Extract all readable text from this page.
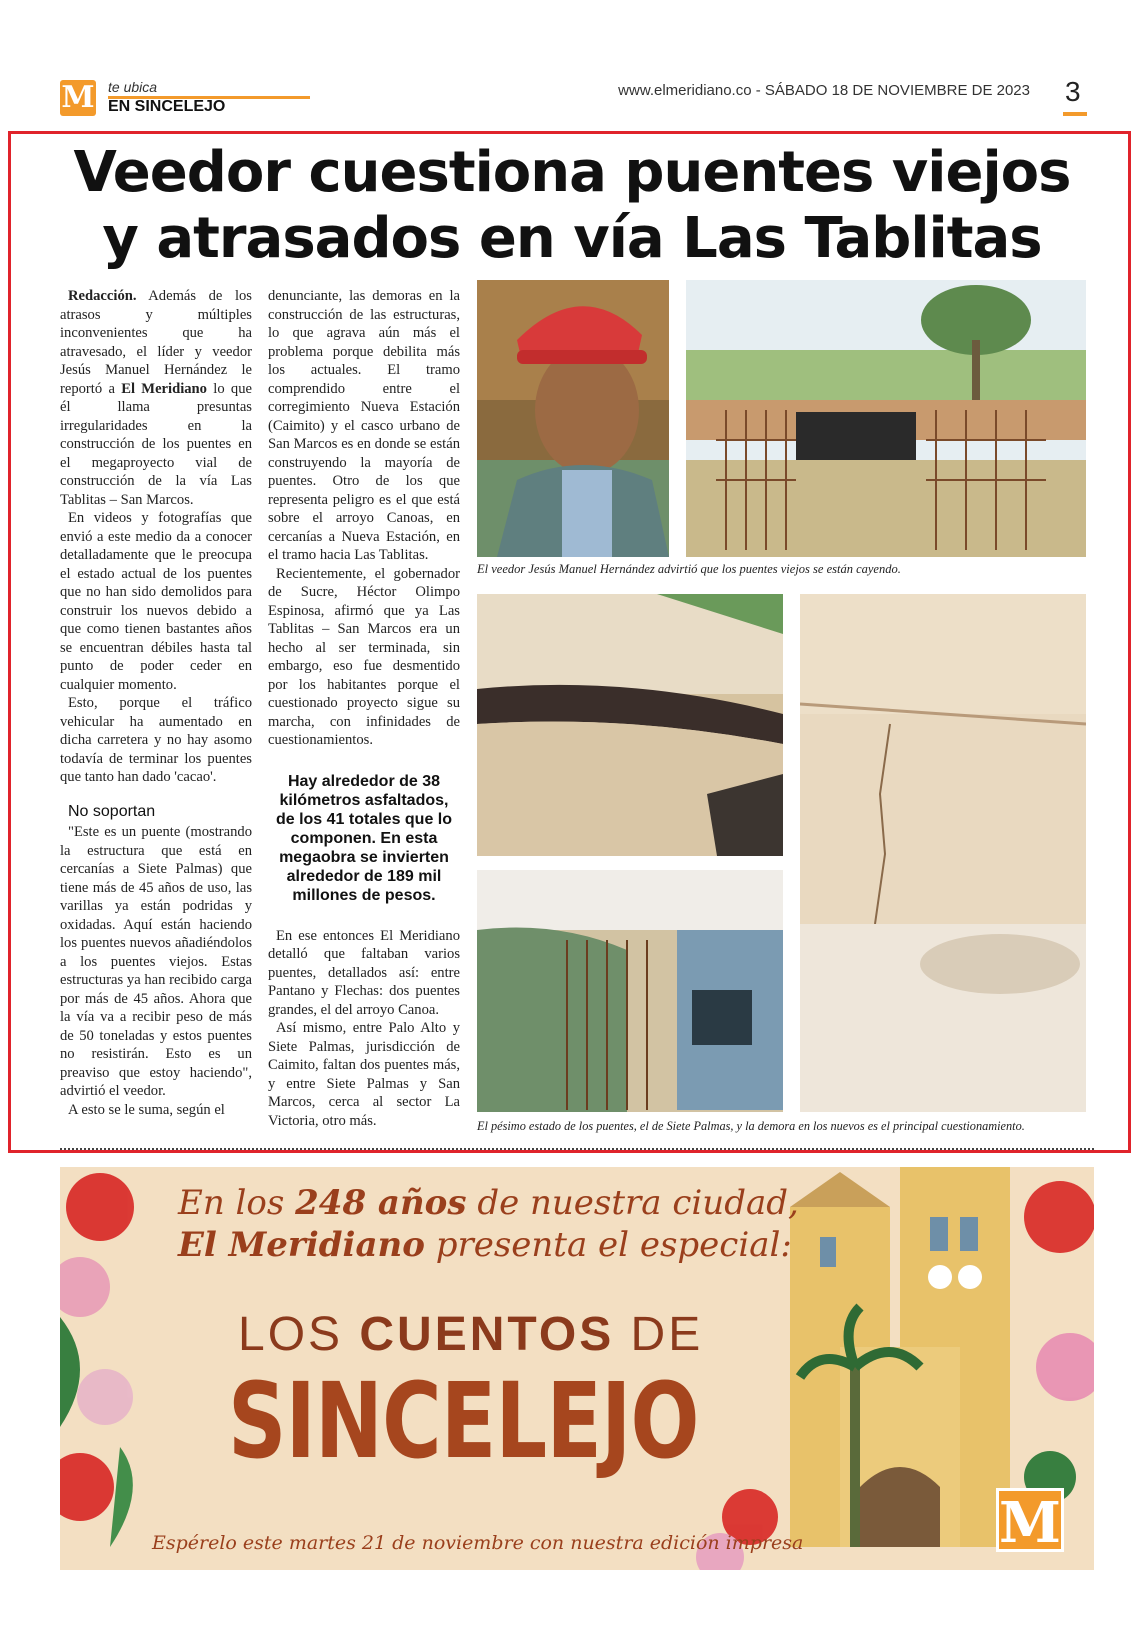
M te ubica
EN SINCELEJO
www.elmeridiano.co - SÁBADO 18 DE NOVIEMBRE DE 2023 3
Veedor cuestiona puentes viejos
y atrasados en vía Las Tablitas

Redacción. Además de los atrasos y múltiples inconvenientes que ha atravesado, el líder y veedor Jesús Manuel Hernández le reportó a El Meridiano lo que él llama presuntas irregularidades en la construcción de los puentes en el megaproyecto vial de construcción de la vía Las Tablitas – San Marcos.

En videos y fotografías que envió a este medio da a conocer detalladamente que le preocupa el estado actual de los puentes que no han sido demolidos para construir los nuevos debido a que como tienen bastantes años se encuentran débiles hasta tal punto de poder ceder en cualquier momento.

Esto, porque el tráfico vehicular ha aumentado en dicha carretera y no hay asomo todavía de terminar los puentes que tanto han dado 'cacao'.

No soportan

"Este es un puente (mostrando la estructura que está en cercanías a Siete Palmas) que tiene más de 45 años de uso, las varillas ya están podridas y oxidadas. Aquí están haciendo los puentes nuevos añadiéndolos a los puentes viejos. Estas estructuras ya han recibido carga por más de 45 años. Ahora que la vía va a recibir peso de más de 50 toneladas y estos puentes no resistirán. Esto es un preaviso que estoy haciendo", advirtió el veedor.

A esto se le suma, según el

denunciante, las demoras en la construcción de las estructuras, lo que agrava aún más el problema porque debilita más los actuales. El tramo comprendido entre el corregimiento Nueva Estación (Caimito) y el casco urbano de San Marcos es en donde se están construyendo la mayoría de puentes. Otro de los que representa peligro es el que está sobre el arroyo Canoas, en cercanías a Nueva Estación, en el tramo hacia Las Tablitas.

Recientemente, el gobernador de Sucre, Héctor Olimpo Espinosa, afirmó que ya Las Tablitas – San Marcos era un hecho al ser terminada, sin embargo, eso fue desmentido por los habitantes porque el cuestionado proyecto sigue su marcha, con infinidades de cuestionamientos.

Hay alrededor de 38 kilómetros asfaltados, de los 41 totales que lo componen. En esta megaobra se invierten alrededor de 189 mil millones de pesos.

En ese entonces El Meridiano detalló que faltaban varios puentes, detallados así: entre Pantano y Flechas: dos puentes grandes, el del arroyo Canoa.

Así mismo, entre Palo Alto y Siete Palmas, jurisdicción de Caimito, faltan dos puentes más, y entre Siete Palmas y San Marcos, cerca al sector La Victoria, otro más.

El veedor Jesús Manuel Hernández advirtió que los puentes viejos se están cayendo.
El pésimo estado de los puentes, el de Siete Palmas, y la demora en los nuevos es el principal cuestionamiento.
En los 248 años de nuestra ciudad,
El Meridiano presenta el especial:
LOS CUENTOS DE
SINCELEJO
Espérelo este martes 21 de noviembre con nuestra edición impresa	M
